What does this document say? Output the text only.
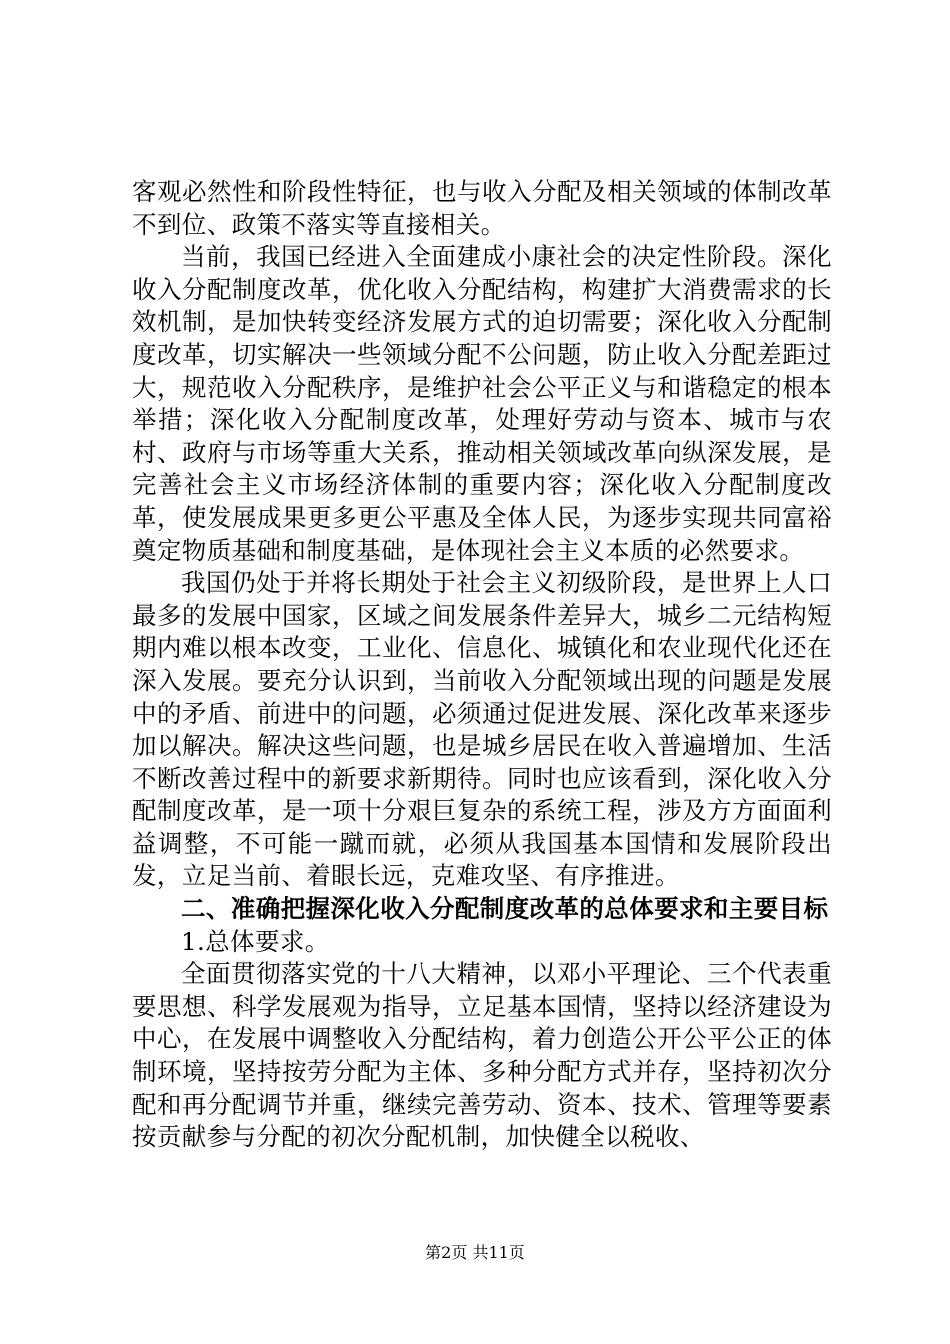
客观必然性和阶段性特征，也与收入分配及相关领域的体制改革不到位、政策不落实等直接相关。

当前，我国已经进入全面建成小康社会的决定性阶段。深化收入分配制度改革，优化收入分配结构，构建扩大消费需求的长效机制，是加快转变经济发展方式的迫切需要；深化收入分配制度改革，切实解决一些领域分配不公问题，防止收入分配差距过大，规范收入分配秩序，是维护社会公平正义与和谐稳定的根本举措；深化收入分配制度改革，处理好劳动与资本、城市与农村、政府与市场等重大关系，推动相关领域改革向纵深发展，是完善社会主义市场经济体制的重要内容；深化收入分配制度改革，使发展成果更多更公平惠及全体人民，为逐步实现共同富裕奠定物质基础和制度基础，是体现社会主义本质的必然要求。

我国仍处于并将长期处于社会主义初级阶段，是世界上人口最多的发展中国家，区域之间发展条件差异大，城乡二元结构短期内难以根本改变，工业化、信息化、城镇化和农业现代化还在深入发展。要充分认识到，当前收入分配领域出现的问题是发展中的矛盾、前进中的问题，必须通过促进发展、深化改革来逐步加以解决。解决这些问题，也是城乡居民在收入普遍增加、生活不断改善过程中的新要求新期待。同时也应该看到，深化收入分配制度改革，是一项十分艰巨复杂的系统工程，涉及方方面面利益调整，不可能一蹴而就，必须从我国基本国情和发展阶段出发，立足当前、着眼长远，克难攻坚、有序推进。

二、准确把握深化收入分配制度改革的总体要求和主要目标

1.总体要求。

全面贯彻落实党的十八大精神，以邓小平理论、三个代表重要思想、科学发展观为指导，立足基本国情，坚持以经济建设为中心，在发展中调整收入分配结构，着力创造公开公平公正的体制环境，坚持按劳分配为主体、多种分配方式并存，坚持初次分配和再分配调节并重，继续完善劳动、资本、技术、管理等要素按贡献参与分配的初次分配机制，加快健全以税收、

第2页 共11页
